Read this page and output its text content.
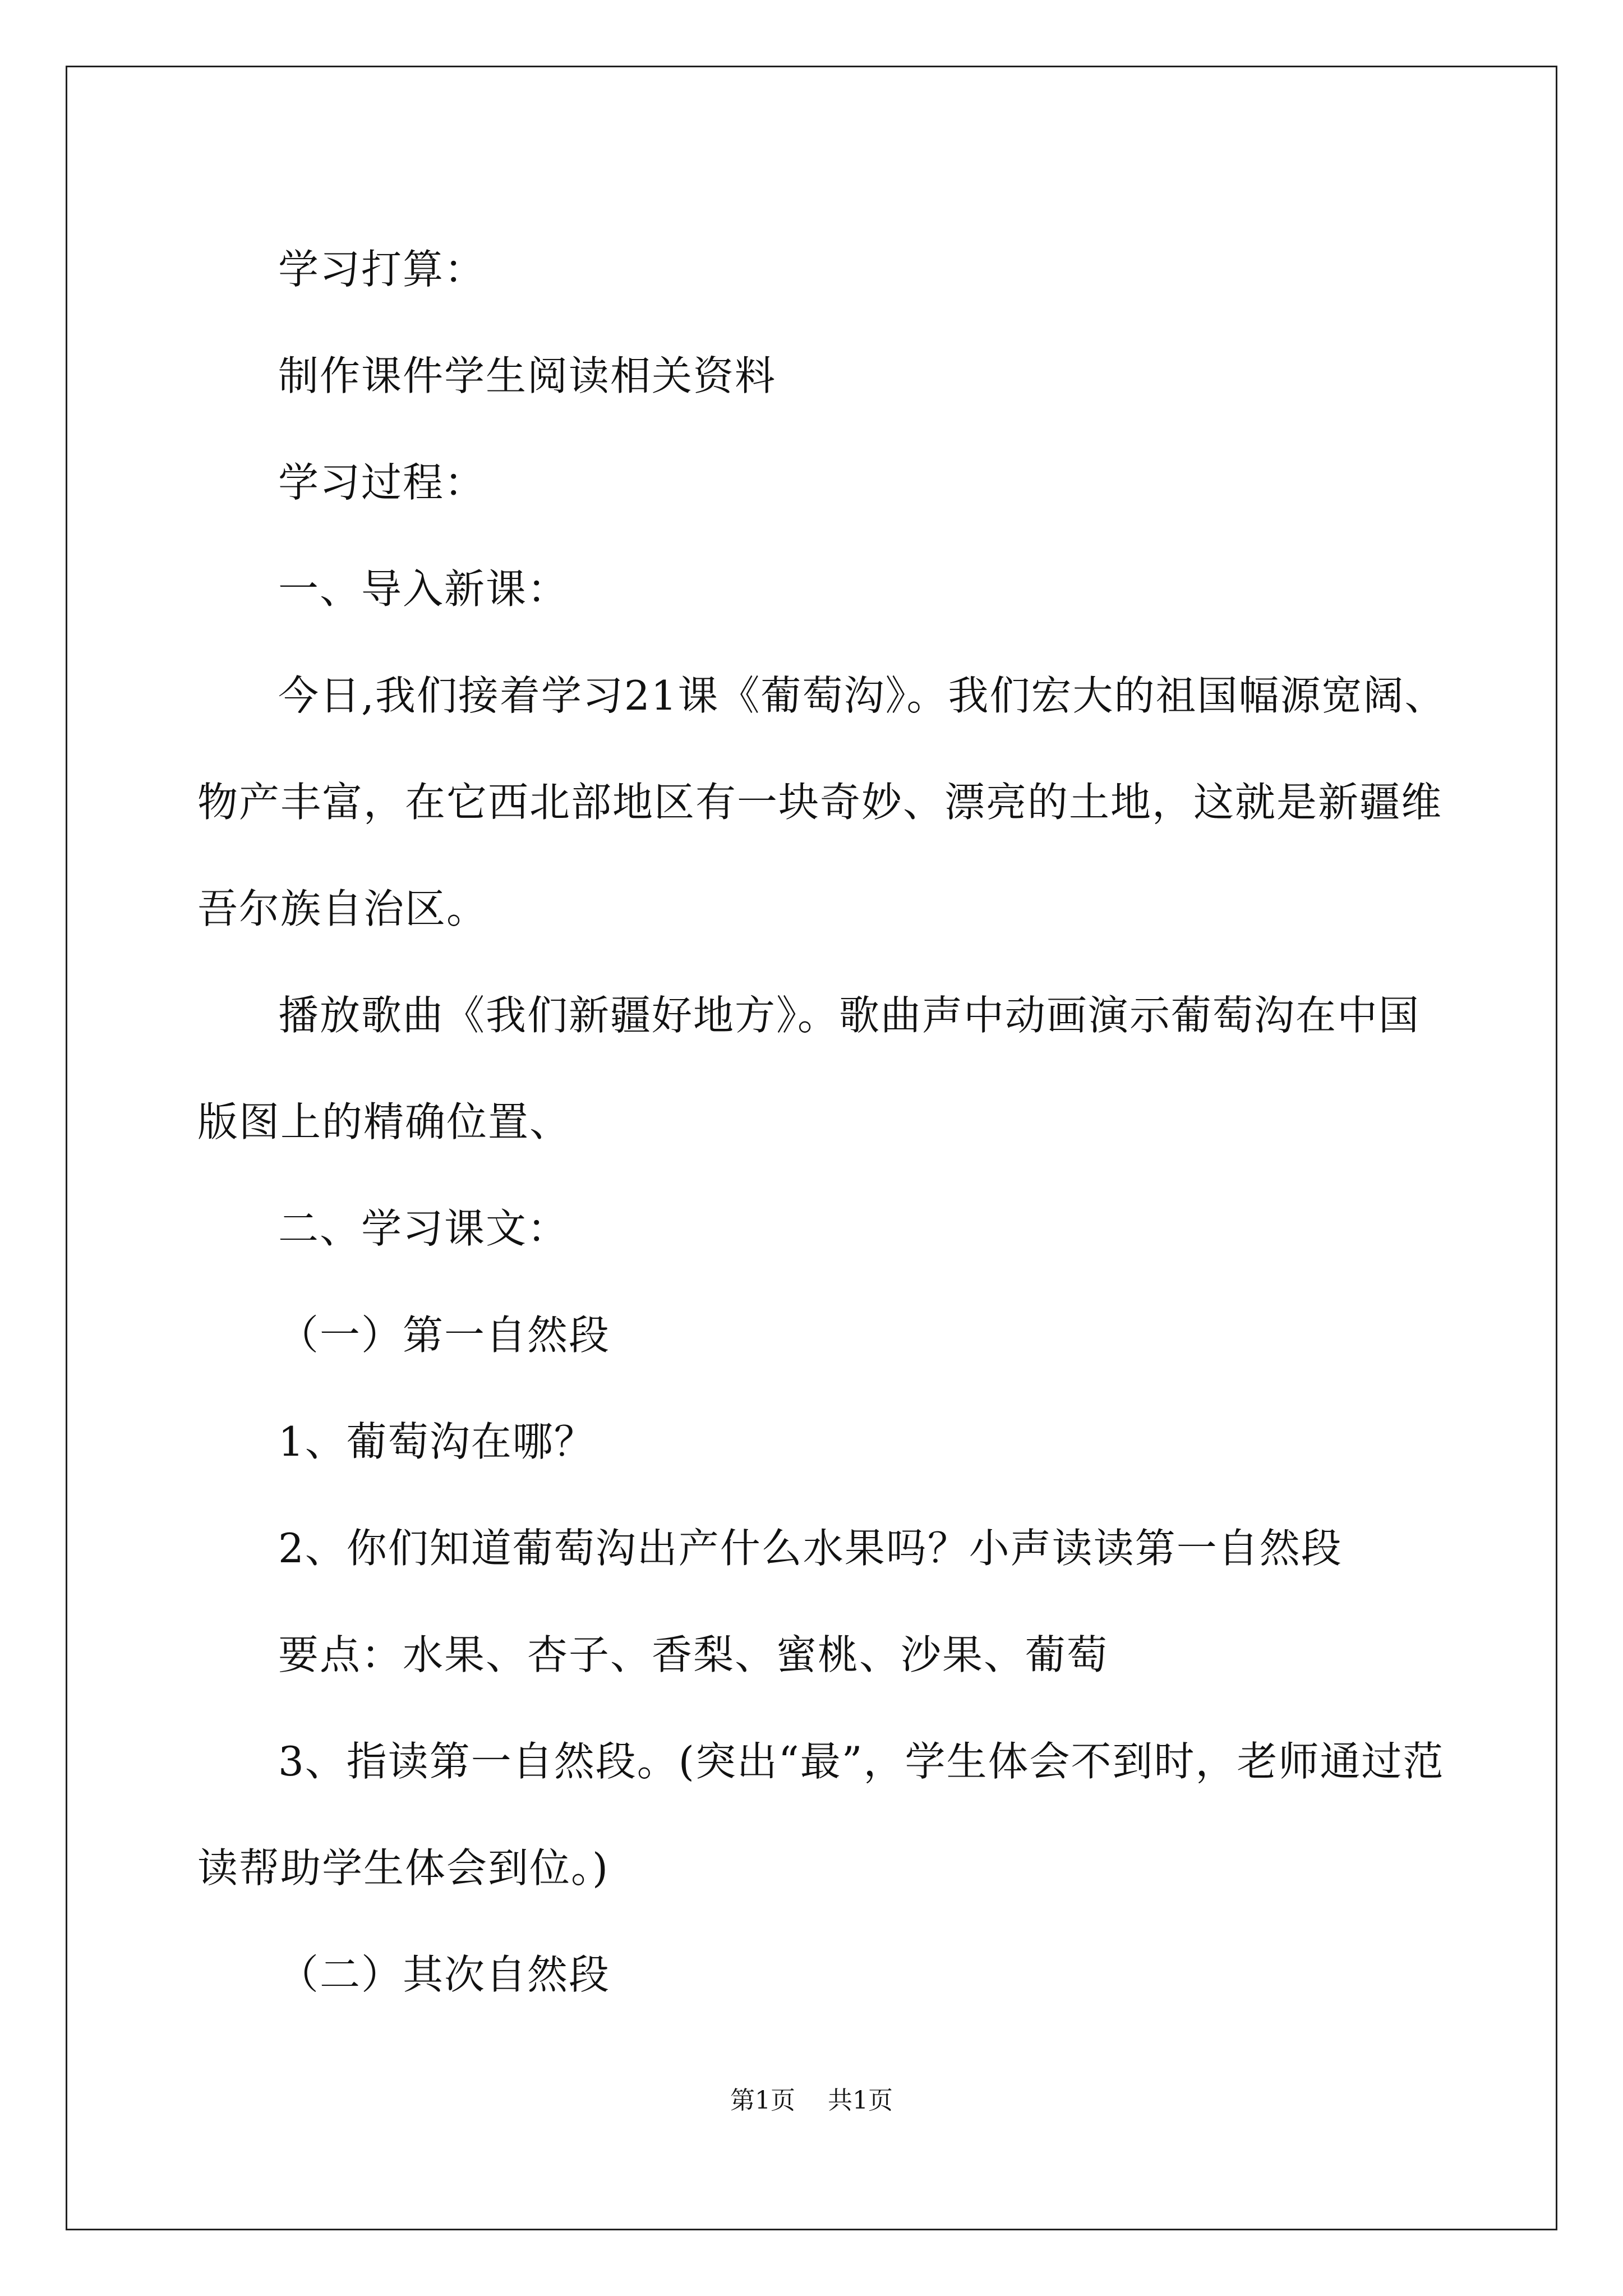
学习打算：

制作课件学生阅读相关资料

学习过程：

一、导入新课：

今日,我们接着学习21课《葡萄沟》。我们宏大的祖国幅源宽阔、物产丰富，在它西北部地区有一块奇妙、漂亮的土地，这就是新疆维吾尔族自治区。

播放歌曲《我们新疆好地方》。歌曲声中动画演示葡萄沟在中国版图上的精确位置、

二、学习课文：

（一）第一自然段

1、葡萄沟在哪？

2、你们知道葡萄沟出产什么水果吗？小声读读第一自然段

要点：水果、杏子、香梨、蜜桃、沙果、葡萄

3、指读第一自然段。(突出“最”，学生体会不到时，老师通过范读帮助学生体会到位。)

（二）其次自然段

第1页 共1页
